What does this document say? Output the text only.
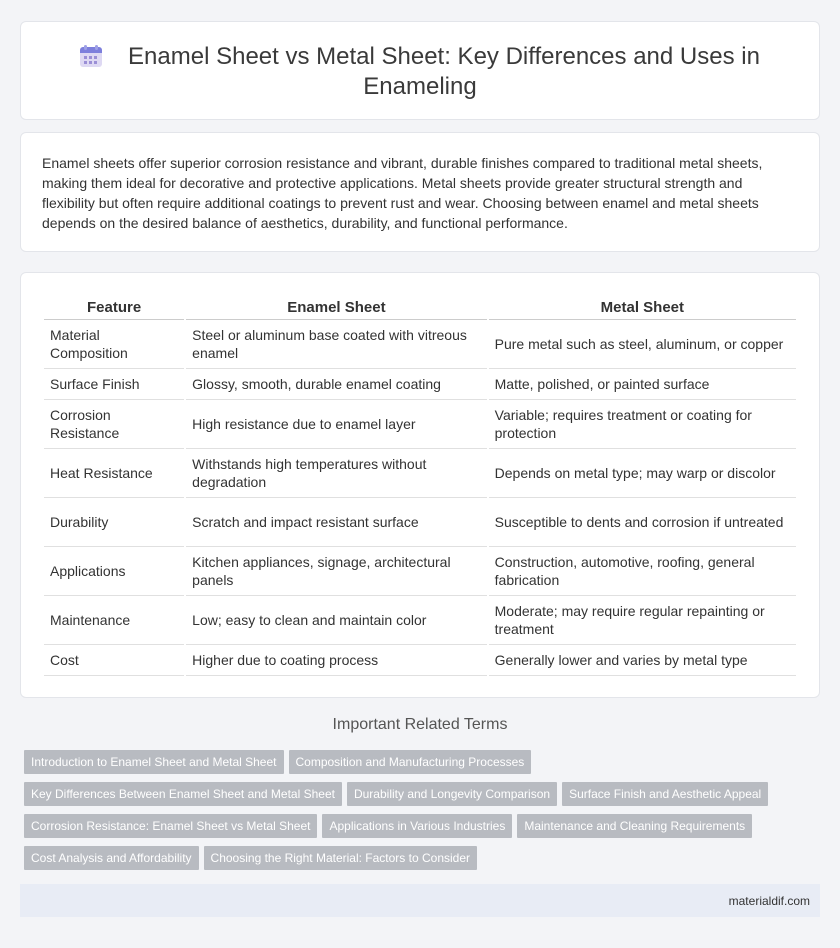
Enamel Sheet vs Metal Sheet: Key Differences and Uses in
Enameling

Enamel sheets offer superior corrosion resistance and vibrant, durable finishes compared to traditional metal sheets, making them ideal for decorative and protective applications. Metal sheets provide greater structural strength and flexibility but often require additional coatings to prevent rust and wear. Choosing between enamel and metal sheets depends on the desired balance of aesthetics, durability, and functional performance.

Feature	Enamel Sheet	Metal Sheet
Material Composition	Steel or aluminum base coated with vitreous enamel	Pure metal such as steel, aluminum, or copper
Surface Finish	Glossy, smooth, durable enamel coating	Matte, polished, or painted surface
Corrosion Resistance	High resistance due to enamel layer	Variable; requires treatment or coating for protection
Heat Resistance	Withstands high temperatures without degradation	Depends on metal type; may warp or discolor
Durability	Scratch and impact resistant surface	Susceptible to dents and corrosion if untreated
Applications	Kitchen appliances, signage, architectural panels	Construction, automotive, roofing, general fabrication
Maintenance	Low; easy to clean and maintain color	Moderate; may require regular repainting or treatment
Cost	Higher due to coating process	Generally lower and varies by metal type
Important Related Terms
Introduction to Enamel Sheet and Metal Sheet Composition and Manufacturing Processes
Key Differences Between Enamel Sheet and Metal Sheet Durability and Longevity Comparison Surface Finish and Aesthetic Appeal
Corrosion Resistance: Enamel Sheet vs Metal Sheet Applications in Various Industries Maintenance and Cleaning Requirements
Cost Analysis and Affordability Choosing the Right Material: Factors to Consider
materialdif.com
